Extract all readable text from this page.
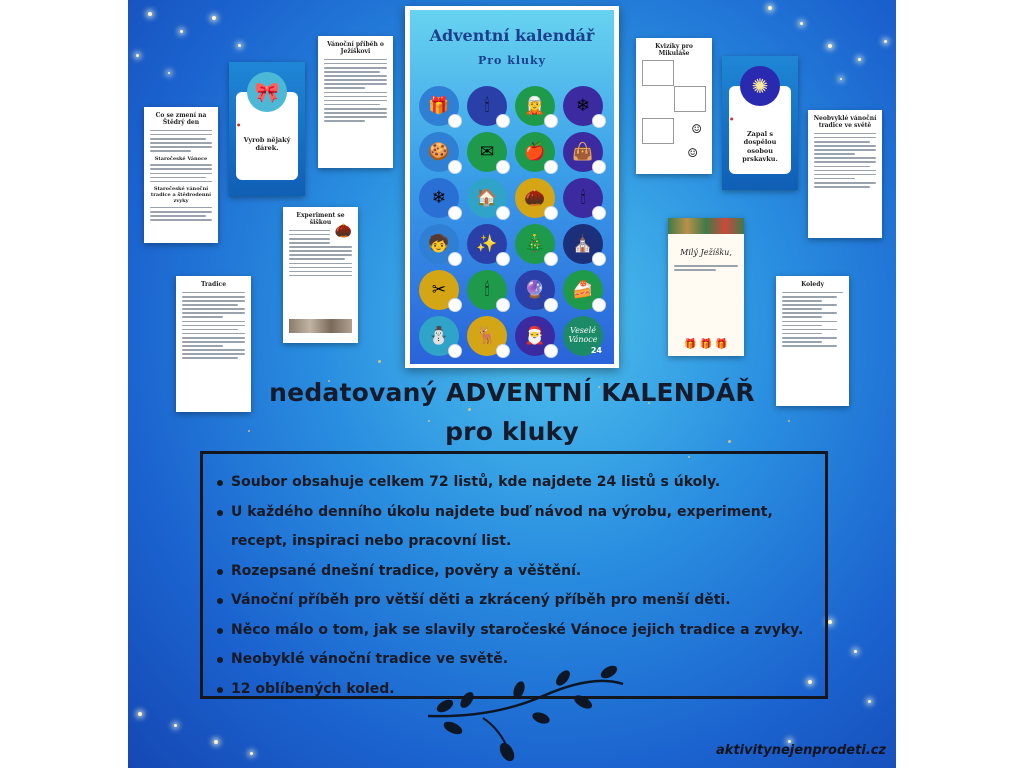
Co se zmení na Štědrý den
Staročeské Vánoce
Staročeské vánoční tradice a štědrodenní zvyky
🎀
●
Vyrob nějaký dárek.
Vánoční příběh o Ježíškovi
Experiment se šiškou
🌰
Tradice
Adventní kalendář
Pro kluky
🎁	🕯	🧝	❄
🍪	✉	🍎	👜
❄	🏠	🌰	🕯
🧒	✨	🎄	⛪
✂	🕯	🔮	🍰
⛄	🦌	🎅	Veselé Vánoce
24
Kvizíky pro Mikuláše
☺
☺
✺
●
Zapal s dospělou osobou prskavku.
Neobvyklé vánoční tradice ve světě
Milý Ježíšku,
🎁 🎁 🎁
Koledy
nedatovaný ADVENTNÍ KALENDÁŘ
pro kluky
Soubor obsahuje celkem 72 listů, kde najdete 24 listů s úkoly.
U každého denního úkolu najdete buď návod na výrobu, experiment, recept, inspiraci nebo pracovní list.
Rozepsané dnešní tradice, pověry a věštění.
Vánoční příběh pro větší děti a zkrácený příběh pro menší děti.
Něco málo o tom, jak se slavily staročeské Vánoce jejich tradice a zvyky.
Neobyklé vánoční tradice ve světě.
12 oblíbených koled.
aktivitynejenprodeti.cz
